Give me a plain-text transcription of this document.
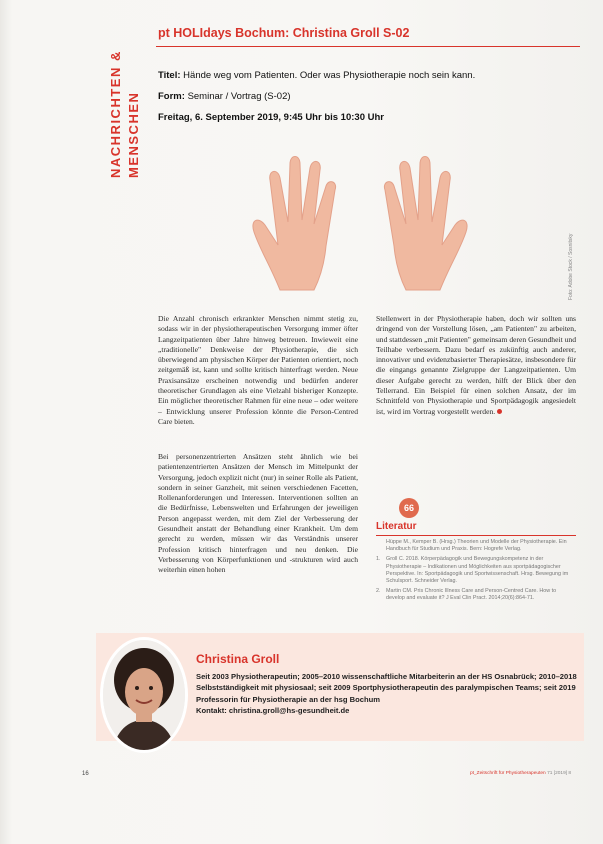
NACHRICHTEN & MENSCHEN
pt HOLIdays Bochum: Christina Groll S-02
Titel: Hände weg vom Patienten. Oder was Physiotherapie noch sein kann.
Form: Seminar / Vortrag (S-02)
Freitag, 6. September 2019, 9:45 Uhr bis 10:30 Uhr
Foto: Adobe Stock / Sosnitsky

Die Anzahl chronisch erkrankter Menschen nimmt stetig zu, sodass wir in der physiotherapeutischen Versorgung immer öfter Langzeitpatienten über Jahre hinweg betreuen. Inwieweit eine „traditionelle" Denkweise der Physiotherapie, die sich überwiegend am physischen Körper der Patienten orientiert, noch zeitgemäß ist, kann und sollte kritisch hinterfragt werden. Neue Praxisansätze erscheinen notwendig und bedürfen anderer theoretischer Grundlagen als eine Vielzahl bisheriger Konzepte. Ein möglicher theoretischer Rahmen für eine neue – oder weitere – Entwicklung unserer Profession könnte die Person-Centred Care bieten.

Bei personenzentrierten Ansätzen steht ähnlich wie bei patientenzentrierten Ansätzen der Mensch im Mittelpunkt der Versorgung, jedoch explizit nicht (nur) in seiner Rolle als Patient, sondern in seiner Ganzheit, mit seinen verschiedenen Facetten, Rollenanforderungen und Interessen. Interventionen sollten an die Bedürfnisse, Lebenswelten und Erfahrungen der jeweiligen Person angepasst werden, mit dem Ziel der Verbesserung der Gesundheit anstatt der Behandlung einer Krankheit. Um dem gerecht zu werden, müssen wir das Verständnis unserer Profession kritisch hinterfragen und neu denken. Die Verbesserung von Körperfunktionen und -strukturen wird auch weiterhin einen hohen

Stellenwert in der Physiotherapie haben, doch wir sollten uns dringend von der Vorstellung lösen, „am Patienten" zu arbeiten, und stattdessen „mit Patienten" gemeinsam deren Gesundheit und Teilhabe verbessern. Dazu bedarf es zukünftig auch anderer, innovativer und evidenzbasierter Therapiesätze, insbesondere für die eingangs genannte Zielgruppe der Langzeitpatienten. Um dieser Aufgabe gerecht zu werden, hilft der Blick über den Tellerrand. Ein Beispiel für einen solchen Ansatz, der im Schnittfeld von Physiotherapie und Sportpädagogik angesiedelt ist, wird im Vortrag vorgestellt werden.

66
Literatur
Hüppe M., Kemper B. (Hrsg.) Theorien und Modelle der Physiotherapie. Ein Handbuch für Studium und Praxis. Bern: Hogrefe Verlag.
1. Groll C. 2018. Körperpädagogik und Bewegungskompetenz in der Physiotherapie – Indikationen und Möglichkeiten aus sportpädagogischer Perspektive. In: Sportpädagogik und Sportwissenschaft. Hrsg. Bewegung im Schulsport. Schneider Verlag.
2. Martin CM. Pris Chronic Illness Care and Person-Centred Care. How to develop and evaluate it? J Eval Clin Pract. 2014;20(6):864-71.
Christina Groll
Seit 2003 Physiotherapeutin; 2005–2010 wissenschaftliche Mitarbeiterin an der HS Osnabrück; 2010–2018 Selbstständigkeit mit physiosaal; seit 2009 Sportphysiotherapeutin des paralympischen Teams; seit 2019 Professorin für Physiotherapie an der hsg Bochum
Kontakt: christina.groll@hs-gesundheit.de
16	pt_Zeitschrift für Physiotherapeuten 71 [2019] 8
